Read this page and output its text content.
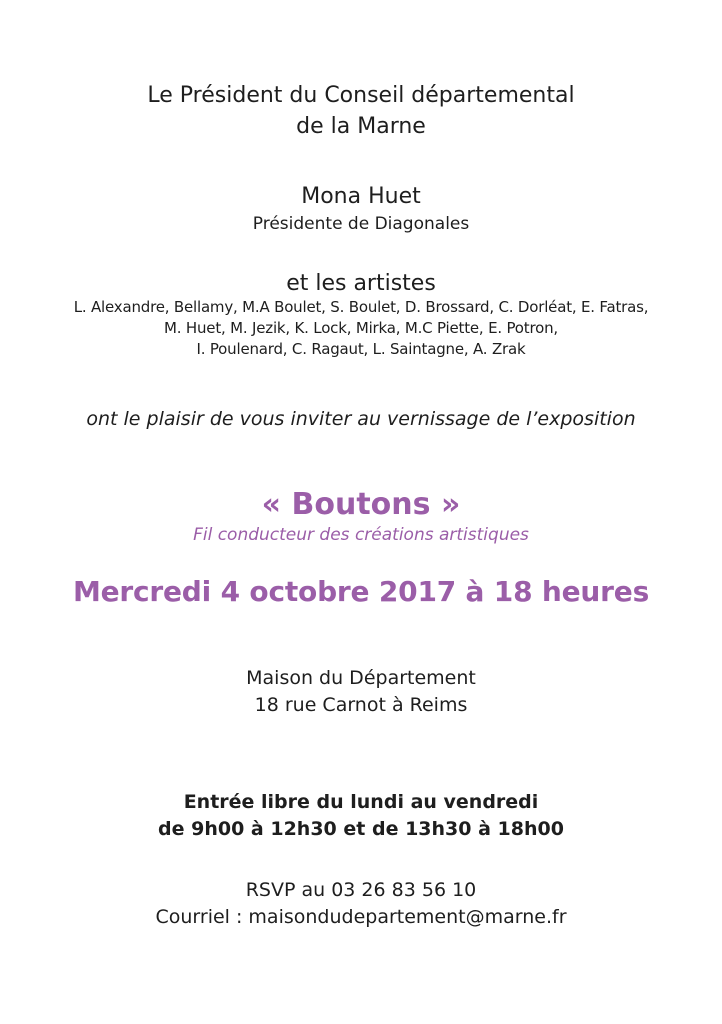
Le Président du Conseil départemental
de la Marne
Mona Huet
Présidente de Diagonales
et les artistes
L. Alexandre, Bellamy, M.A Boulet, S. Boulet, D. Brossard, C. Dorléat, E. Fatras,
M. Huet, M. Jezik, K. Lock, Mirka, M.C Piette, E. Potron,
I. Poulenard, C. Ragaut, L. Saintagne, A. Zrak
ont le plaisir de vous inviter au vernissage de l’exposition
« Boutons »
Fil conducteur des créations artistiques
Mercredi 4 octobre 2017 à 18 heures
Maison du Département
18 rue Carnot à Reims
Entrée libre du lundi au vendredi
de 9h00 à 12h30 et de 13h30 à 18h00
RSVP au 03 26 83 56 10
Courriel : maisondudepartement@marne.fr
